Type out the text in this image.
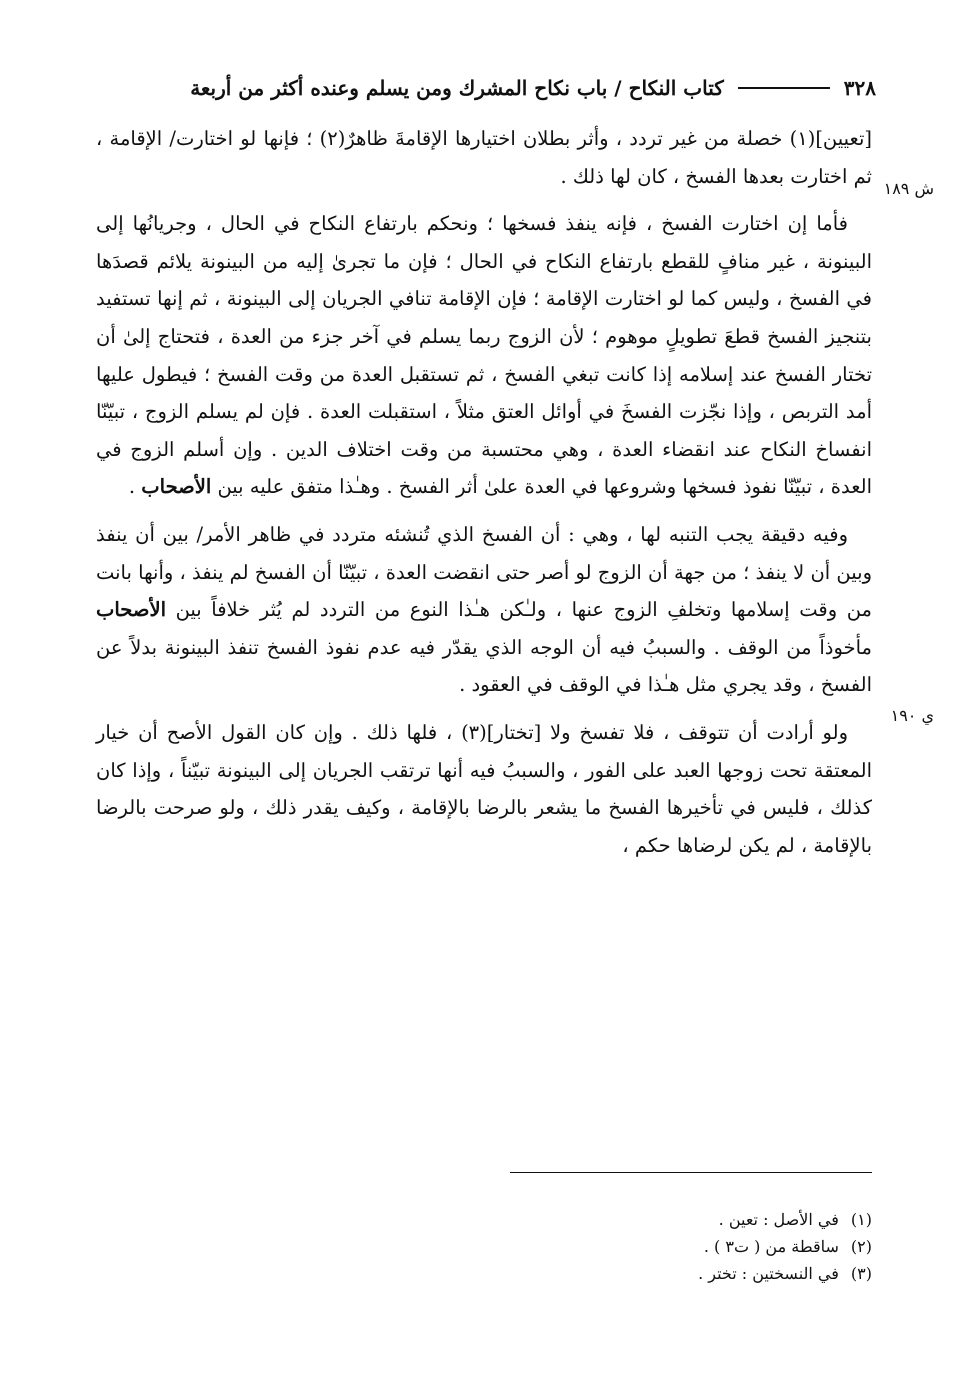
٣٢٨
كتاب النكاح / باب نكاح المشرك ومن يسلم وعنده أكثر من أربعة
ش ١٨٩
ي ١٩٠

[تعيين](١) خصلة من غير تردد ، وأثر بطلان اختيارها الإقامةَ ظاهرٌ(٢) ؛ فإنها لو اختارت/ الإقامة ، ثم اختارت بعدها الفسخ ، كان لها ذلك .

فأما إن اختارت الفسخ ، فإنه ينفذ فسخها ؛ ونحكم بارتفاع النكاح في الحال ، وجريانُها إلى البينونة ، غير منافٍ للقطع بارتفاع النكاح في الحال ؛ فإن ما تجرىٰ إليه من البينونة يلائم قصدَها في الفسخ ، وليس كما لو اختارت الإقامة ؛ فإن الإقامة تنافي الجريان إلى البينونة ، ثم إنها تستفيد بتنجيز الفسخ قطعَ تطويلٍ موهوم ؛ لأن الزوج ربما يسلم في آخر جزء من العدة ، فتحتاج إلىٰ أن تختار الفسخ عند إسلامه إذا كانت تبغي الفسخ ، ثم تستقبل العدة من وقت الفسخ ؛ فيطول عليها أمد التربص ، وإذا نجّزت الفسخَ في أوائل العتق مثلاً ، استقبلت العدة . فإن لم يسلم الزوج ، تبيّنّا انفساخ النكاح عند انقضاء العدة ، وهي محتسبة من وقت اختلاف الدين . وإن أسلم الزوج في العدة ، تبيّنّا نفوذ فسخها وشروعها في العدة علىٰ أثر الفسخ . وهـٰذا متفق عليه بين الأصحاب .

وفيه دقيقة يجب التنبه لها ، وهي : أن الفسخ الذي تُنشئه متردد في ظاهر الأمر/ بين أن ينفذ وبين أن لا ينفذ ؛ من جهة أن الزوج لو أصر حتى انقضت العدة ، تبيّنّا أن الفسخ لم ينفذ ، وأنها بانت من وقت إسلامها وتخلفِ الزوج عنها ، ولـٰكن هـٰذا النوع من التردد لم يُثر خلافاً بين الأصحاب مأخوذاً من الوقف . والسببُ فيه أن الوجه الذي يقدّر فيه عدم نفوذ الفسخ تنفذ البينونة بدلاً عن الفسخ ، وقد يجري مثل هـٰذا في الوقف في العقود .

ولو أرادت أن تتوقف ، فلا تفسخ ولا [تختار](٣) ، فلها ذلك . وإن كان القول الأصح أن خيار المعتقة تحت زوجها العبد على الفور ، والسببُ فيه أنها ترتقب الجريان إلى البينونة تبيّناً ، وإذا كان كذلك ، فليس في تأخيرها الفسخ ما يشعر بالرضا بالإقامة ، وكيف يقدر ذلك ، ولو صرحت بالرضا بالإقامة ، لم يكن لرضاها حكم ،

(١)
في الأصل : تعين .
(٢)
ساقطة من ( ت٣ ) .
(٣)
في النسختين : تختر .
